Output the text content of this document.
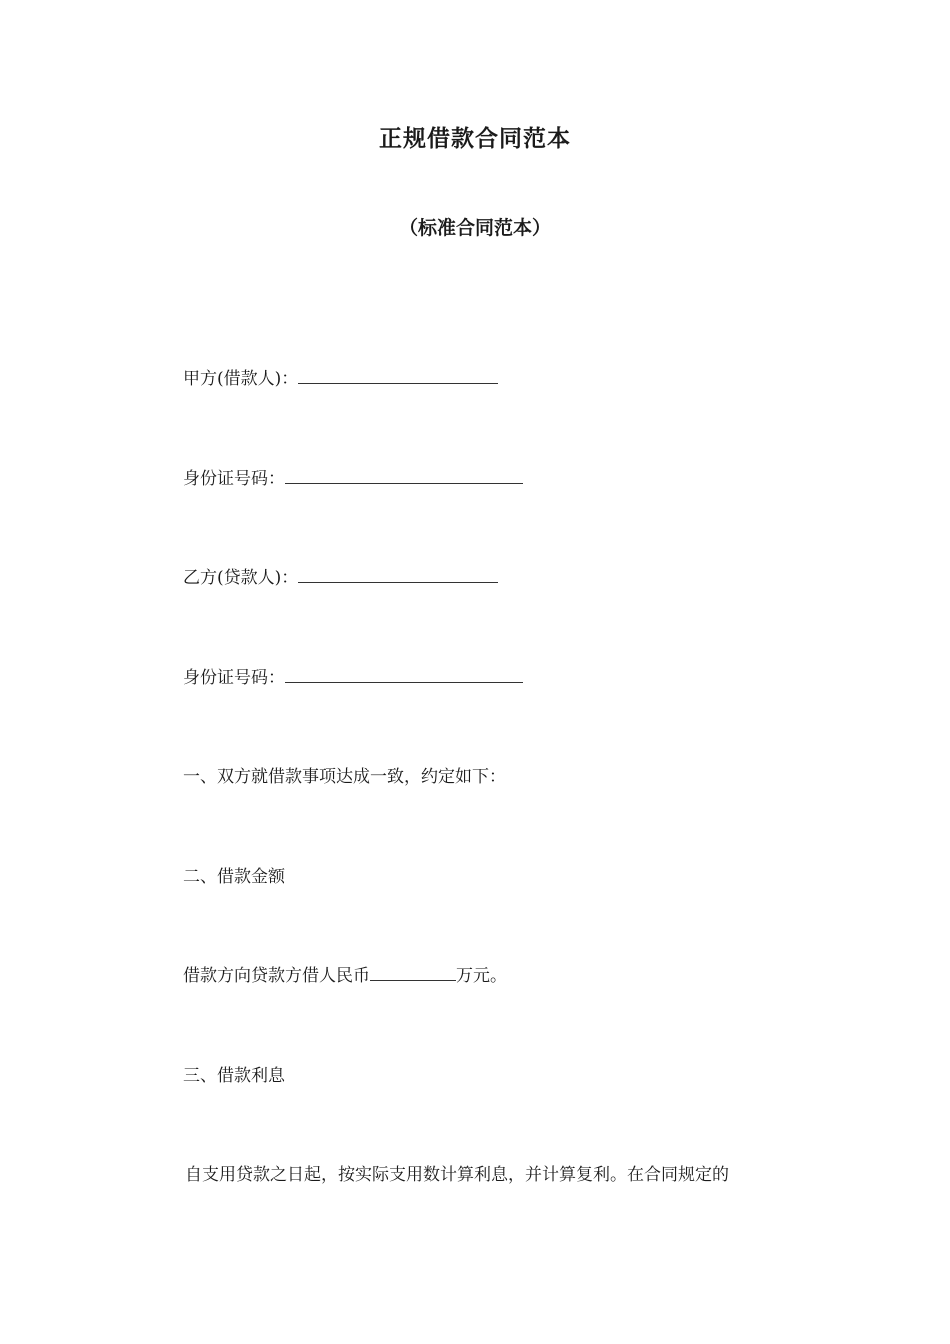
正规借款合同范本
（标准合同范本）
甲方(借款人)：
身份证号码：
乙方(贷款人)：
身份证号码：
一、双方就借款事项达成一致，约定如下：
二、借款金额
借款方向贷款方借人民币	万元。
三、借款利息
自支用贷款之日起，按实际支用数计算利息，并计算复利。在合同规定的
